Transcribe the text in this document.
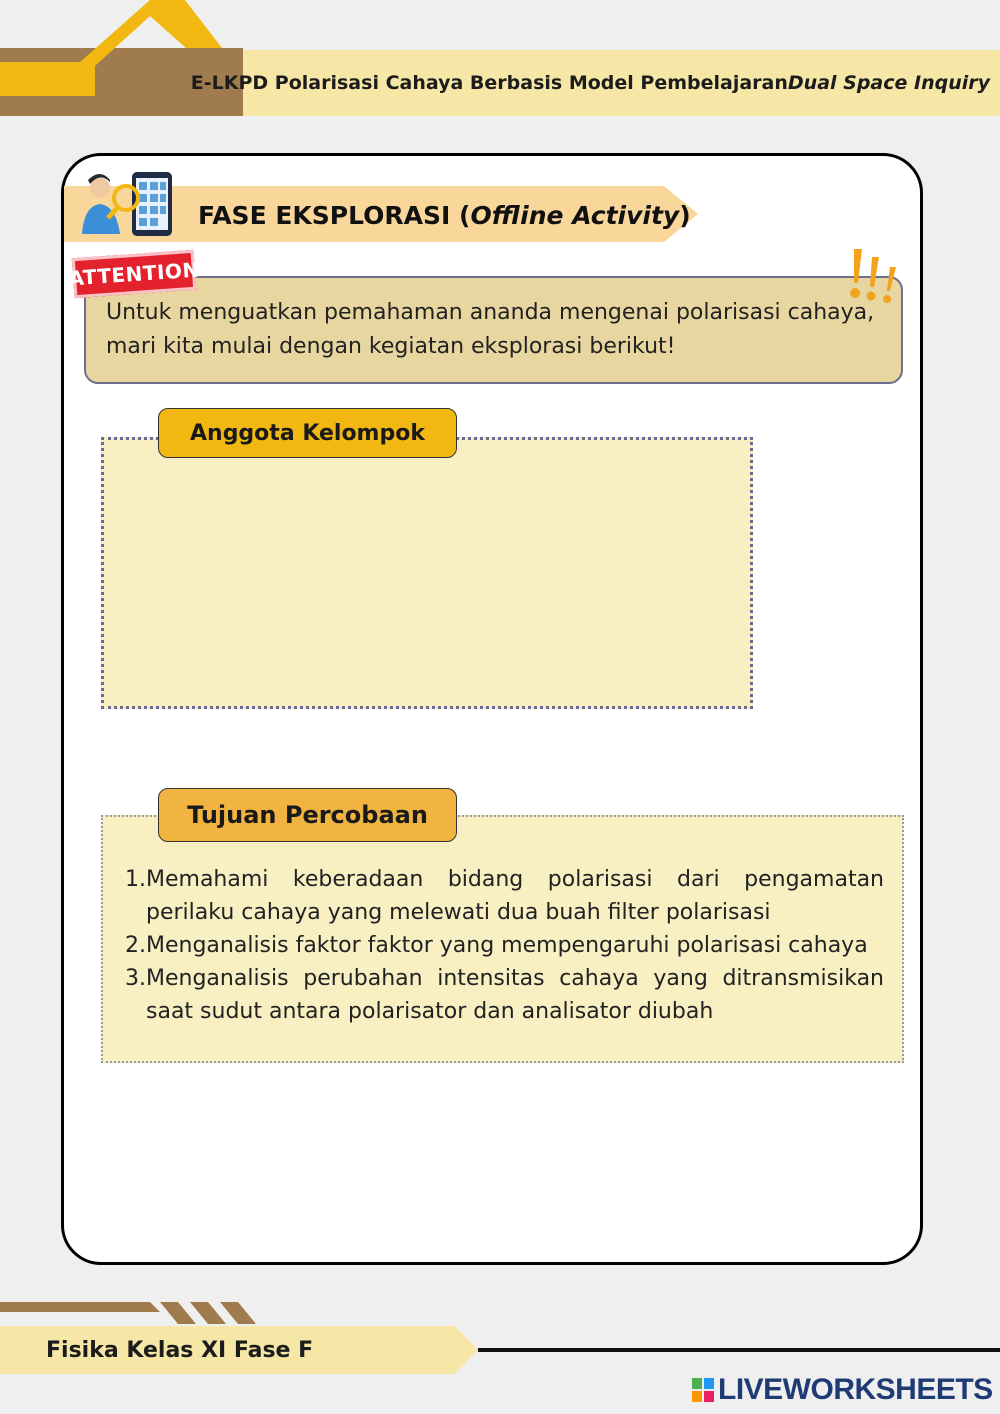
E-LKPD Polarisasi Cahaya Berbasis Model Pembelajaran Dual Space Inquiry
FASE EKSPLORASI (Offline Activity)
ATTENTION
Untuk menguatkan pemahaman ananda mengenai polarisasi cahaya,
mari kita mulai dengan kegiatan eksplorasi berikut!
Anggota Kelompok
Tujuan Percobaan
1. Memahami keberadaan bidang polarisasi dari pengamatan perilaku cahaya yang melewati dua buah filter polarisasi
2. Menganalisis faktor faktor yang mempengaruhi polarisasi cahaya
3. Menganalisis perubahan intensitas cahaya yang ditransmisikan saat sudut antara polarisator dan analisator diubah
Fisika Kelas XI Fase F
LIVEWORKSHEETS
